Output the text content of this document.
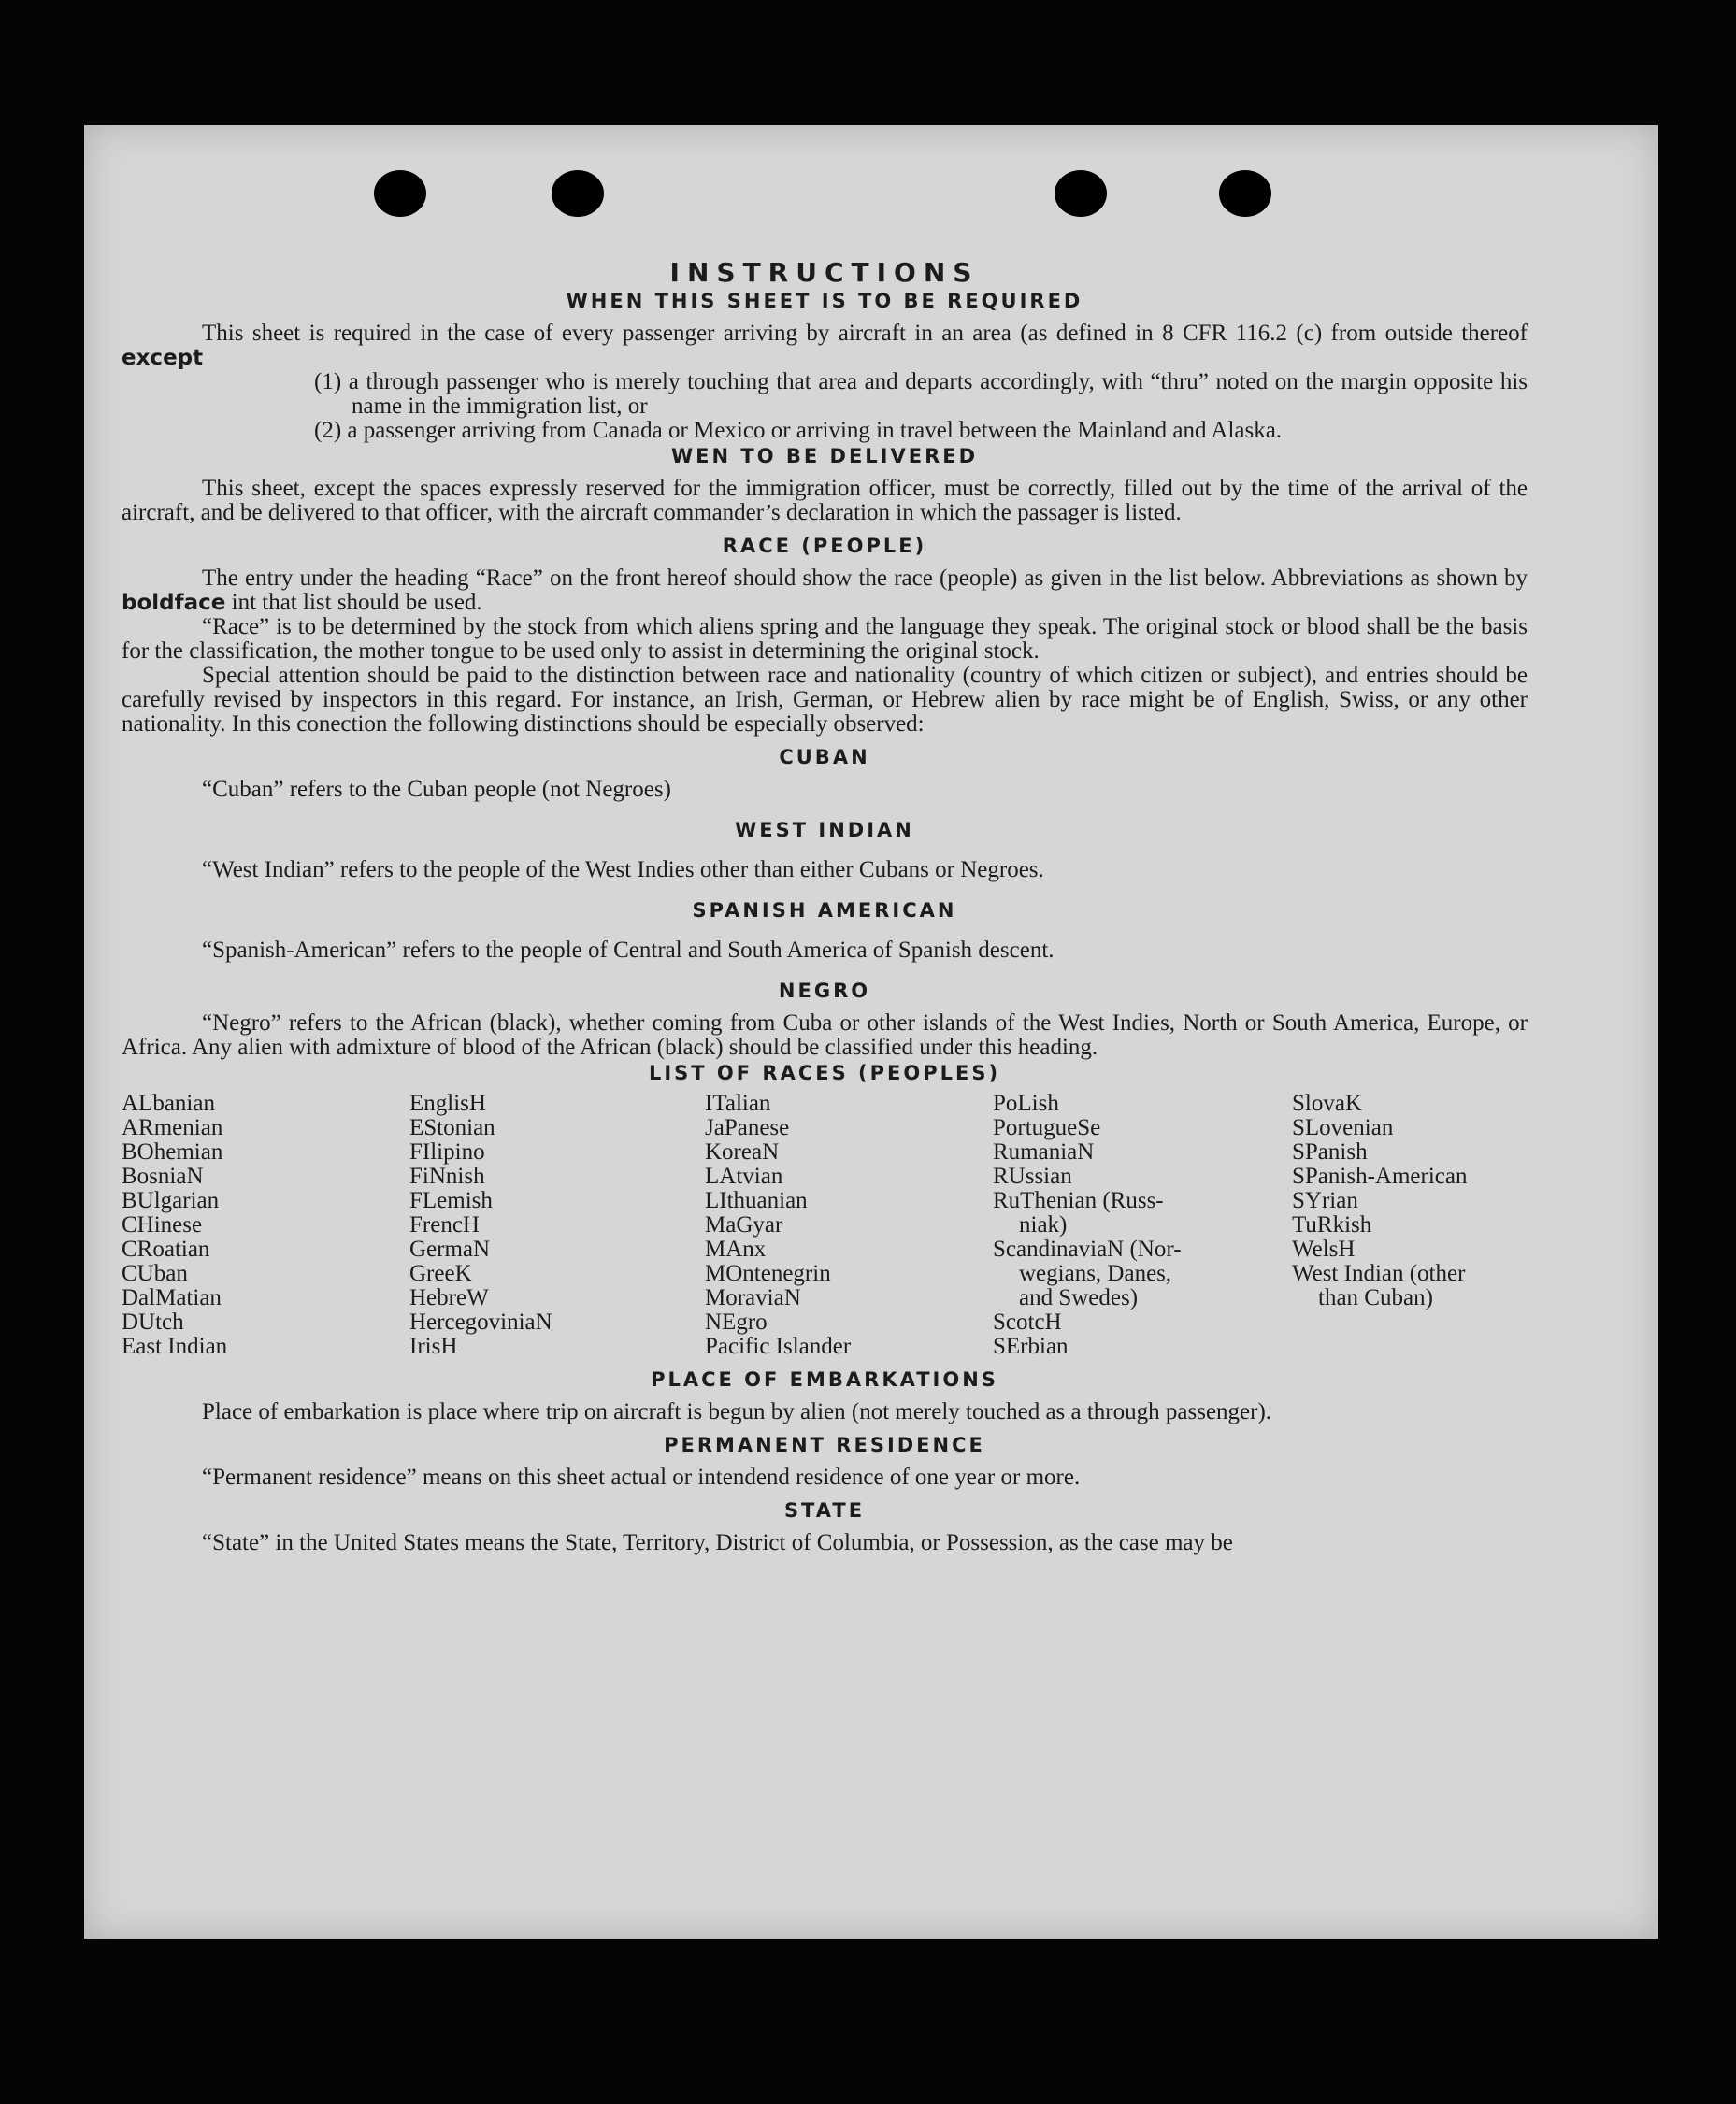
INSTRUCTIONS
WHEN THIS SHEET IS TO BE REQUIRED

This sheet is required in the case of every passenger arriving by aircraft in an area (as defined in 8 CFR 116.2 (c) from outside thereof except

(1) a through passenger who is merely touching that area and departs accordingly, with “thru” noted on the margin opposite his name in the immigration list, or

(2) a passenger arriving from Canada or Mexico or arriving in travel between the Mainland and Alaska.

WEN TO BE DELIVERED

This sheet, except the spaces expressly reserved for the immigration officer, must be correctly, filled out by the time of the arrival of the aircraft, and be delivered to that officer, with the aircraft commander’s declaration in which the passager is listed.

RACE (PEOPLE)

The entry under the heading “Race” on the front hereof should show the race (people) as given in the list below. Abbreviations as shown by boldface int that list should be used.

“Race” is to be determined by the stock from which aliens spring and the language they speak. The original stock or blood shall be the basis for the classification, the mother tongue to be used only to assist in determining the original stock.

Special attention should be paid to the distinction between race and nationality (country of which citizen or subject), and entries should be carefully revised by inspectors in this regard. For instance, an Irish, German, or Hebrew alien by race might be of English, Swiss, or any other nationality. In this conection the following distinctions should be especially observed:

CUBAN

“Cuban” refers to the Cuban people (not Negroes)

WEST INDIAN

“West Indian” refers to the people of the West Indies other than either Cubans or Negroes.

SPANISH AMERICAN

“Spanish-American” refers to the people of Central and South America of Spanish descent.

NEGRO

“Negro” refers to the African (black), whether coming from Cuba or other islands of the West Indies, North or South America, Europe, or Africa. Any alien with admixture of blood of the African (black) should be classified under this heading.

LIST OF RACES (PEOPLES)
ALbanian
ARmenian
BOhemian
BosniaN
BUlgarian
CHinese
CRoatian
CUban
DalMatian
DUtch
East Indian
EnglisH
EStonian
FIlipino
FiNnish
FLemish
FrencH
GermaN
GreeK
HebreW
HercegoviniaN
IrisH
ITalian
JaPanese
KoreaN
LAtvian
LIthuanian
MaGyar
MAnx
MOntenegrin
MoraviaN
NEgro
Pacific Islander
PoLish
PortugueSe
RumaniaN
RUssian
RuThenian (Russ-
niak)
ScandinaviaN (Nor-
wegians, Danes,
and Swedes)
ScotcH
SErbian
SlovaK
SLovenian
SPanish
SPanish-American
SYrian
TuRkish
WelsH
West Indian (other
than Cuban)
PLACE OF EMBARKATIONS

Place of embarkation is place where trip on aircraft is begun by alien (not merely touched as a through passenger).

PERMANENT RESIDENCE

“Permanent residence” means on this sheet actual or intendend residence of one year or more.

STATE

“State” in the United States means the State, Territory, District of Columbia, or Possession, as the case may be
